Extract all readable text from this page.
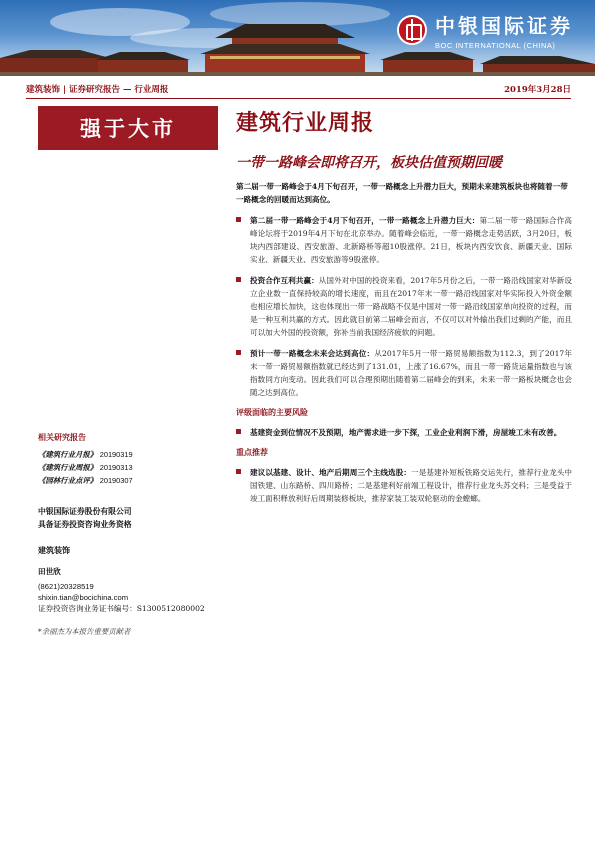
中银国际证券
BOC INTERNATIONAL (CHINA)
建筑装饰 | 证券研究报告 — 行业周报	2019年3月28日
强于大市	建筑行业周报
一带一路峰会即将召开，板块估值预期回暖

第二届一带一路峰会于4月下旬召开，一带一路概念上升潜力巨大，预期未来建筑板块也将随着一带一路概念的回暖而达到高位。

第二届一带一路峰会于4月下旬召开，一带一路概念上升潜力巨大：第二届一带一路国际合作高峰论坛将于2019年4月下旬在北京举办。随着峰会临近，一带一路概念走势活跃，3月20日，板块内西部建设、西安旅游、北新路桥等超10股涨停。21日，板块内西安饮食、新疆天业、国际实业、新疆天业、西安旅游等9股涨停。
投资合作互利共赢：从国外对中国的投资来看，2017年5月份之后，一带一路沿线国家对华新设立企业数一直保持较高的增长速度，而且在2017年末一带一路沿线国家对华实际投入外资金额也相应增长加快，这也体现出一带一路战略不仅是中国对一带一路沿线国家单向投资的过程，而是一种互利共赢的方式。因此就目前第二届峰会而言，不仅可以对外输出我们过剩的产能，而且可以加大外国的投资额，弥补当前我国经济疲软的问题。
预计一带一路概念未来会达到高位：从2017年5月一带一路贸易额指数为112.3，到了2017年末一带一路贸易额指数就已经达到了131.01，上涨了16.67%，而且一带一路货运量指数也与该指数同方向变动。因此我们可以合理预期出随着第二届峰会的到来，未来一带一路板块概念也会随之达到高位。
评级面临的主要风险
基建资金到位情况不及预期，地产需求进一步下探，工业企业利润下滑，房屋竣工未有改善。
重点推荐
建议以基建、设计、地产后期周三个主线选股：一是基建补短板铁路交运先行，推荐行业龙头中国铁建、山东路桥、四川路桥；二是基建利好前端工程设计，推荐行业龙头苏交科；三是受益于竣工面积释放利好后周期装修板块，推荐家装工装双轮驱动的金螳螂。
相关研究报告
《建筑行业月报》 20190319
《建筑行业周报》 20190313
《园林行业点评》 20190307
中银国际证券股份有限公司
具备证券投资咨询业务资格
建筑装饰
田世欣
(8621)20328519
shixin.tian@bocichina.com
证券投资咨询业务证书编号：S1300512080002
*余丽杰为本报告重要贡献者
